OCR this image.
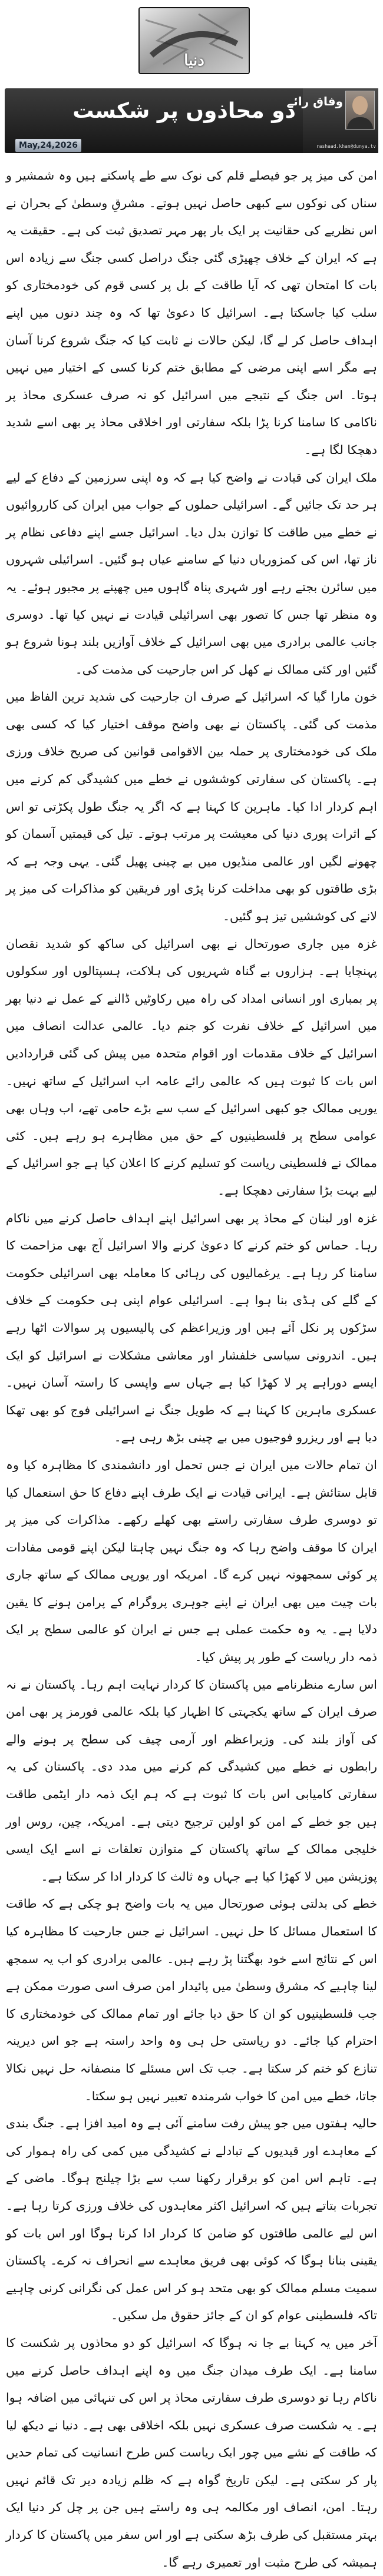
دنیا
دو محاذوں پر شکست
May,24,2026
وفاق رائے
rashaad.khan@dunya.tv

امن کی میز پر جو فیصلے قلم کی نوک سے طے پاسکتے ہیں وہ شمشیر و سناں کی نوکوں سے کبھی حاصل نہیں ہوتے۔ مشرقِ وسطیٰ کے بحران نے اس نظریے کی حقانیت پر ایک بار پھر مہر تصدیق ثبت کی ہے۔ حقیقت یہ ہے کہ ایران کے خلاف چھیڑی گئی جنگ دراصل کسی جنگ سے زیادہ اس بات کا امتحان تھی کہ آیا طاقت کے بل پر کسی قوم کی خودمختاری کو سلب کیا جاسکتا ہے۔ اسرائیل کا دعویٰ تھا کہ وہ چند دنوں میں اپنے اہداف حاصل کر لے گا، لیکن حالات نے ثابت کیا کہ جنگ شروع کرنا آسان ہے مگر اسے اپنی مرضی کے مطابق ختم کرنا کسی کے اختیار میں نہیں ہوتا۔ اس جنگ کے نتیجے میں اسرائیل کو نہ صرف عسکری محاذ پر ناکامی کا سامنا کرنا پڑا بلکہ سفارتی اور اخلاقی محاذ پر بھی اسے شدید دھچکا لگا ہے۔

ملک ایران کی قیادت نے واضح کیا ہے کہ وہ اپنی سرزمین کے دفاع کے لیے ہر حد تک جائیں گے۔ اسرائیلی حملوں کے جواب میں ایران کی کارروائیوں نے خطے میں طاقت کا توازن بدل دیا۔ اسرائیل جسے اپنے دفاعی نظام پر ناز تھا، اس کی کمزوریاں دنیا کے سامنے عیاں ہو گئیں۔ اسرائیلی شہروں میں سائرن بجتے رہے اور شہری پناہ گاہوں میں چھپنے پر مجبور ہوئے۔ یہ وہ منظر تھا جس کا تصور بھی اسرائیلی قیادت نے نہیں کیا تھا۔ دوسری جانب عالمی برادری میں بھی اسرائیل کے خلاف آوازیں بلند ہونا شروع ہو گئیں اور کئی ممالک نے کھل کر اس جارحیت کی مذمت کی۔

خون مارا گیا کہ اسرائیل کے صرف ان جارحیت کی شدید ترین الفاظ میں مذمت کی گئی۔ پاکستان نے بھی واضح موقف اختیار کیا کہ کسی بھی ملک کی خودمختاری پر حملہ بین الاقوامی قوانین کی صریح خلاف ورزی ہے۔ پاکستان کی سفارتی کوششوں نے خطے میں کشیدگی کم کرنے میں اہم کردار ادا کیا۔ ماہرین کا کہنا ہے کہ اگر یہ جنگ طول پکڑتی تو اس کے اثرات پوری دنیا کی معیشت پر مرتب ہوتے۔ تیل کی قیمتیں آسمان کو چھونے لگیں اور عالمی منڈیوں میں بے چینی پھیل گئی۔ یہی وجہ ہے کہ بڑی طاقتوں کو بھی مداخلت کرنا پڑی اور فریقین کو مذاکرات کی میز پر لانے کی کوششیں تیز ہو گئیں۔

غزہ میں جاری صورتحال نے بھی اسرائیل کی ساکھ کو شدید نقصان پہنچایا ہے۔ ہزاروں بے گناہ شہریوں کی ہلاکت، ہسپتالوں اور سکولوں پر بمباری اور انسانی امداد کی راہ میں رکاوٹیں ڈالنے کے عمل نے دنیا بھر میں اسرائیل کے خلاف نفرت کو جنم دیا۔ عالمی عدالت انصاف میں اسرائیل کے خلاف مقدمات اور اقوام متحدہ میں پیش کی گئی قراردادیں اس بات کا ثبوت ہیں کہ عالمی رائے عامہ اب اسرائیل کے ساتھ نہیں۔ یورپی ممالک جو کبھی اسرائیل کے سب سے بڑے حامی تھے، اب وہاں بھی عوامی سطح پر فلسطینیوں کے حق میں مظاہرے ہو رہے ہیں۔ کئی ممالک نے فلسطینی ریاست کو تسلیم کرنے کا اعلان کیا ہے جو اسرائیل کے لیے بہت بڑا سفارتی دھچکا ہے۔

غزہ اور لبنان کے محاذ پر بھی اسرائیل اپنے اہداف حاصل کرنے میں ناکام رہا۔ حماس کو ختم کرنے کا دعویٰ کرنے والا اسرائیل آج بھی مزاحمت کا سامنا کر رہا ہے۔ یرغمالیوں کی رہائی کا معاملہ بھی اسرائیلی حکومت کے گلے کی ہڈی بنا ہوا ہے۔ اسرائیلی عوام اپنی ہی حکومت کے خلاف سڑکوں پر نکل آئے ہیں اور وزیراعظم کی پالیسیوں پر سوالات اٹھا رہے ہیں۔ اندرونی سیاسی خلفشار اور معاشی مشکلات نے اسرائیل کو ایک ایسے دوراہے پر لا کھڑا کیا ہے جہاں سے واپسی کا راستہ آسان نہیں۔ عسکری ماہرین کا کہنا ہے کہ طویل جنگ نے اسرائیلی فوج کو بھی تھکا دیا ہے اور ریزرو فوجیوں میں بے چینی بڑھ رہی ہے۔

ان تمام حالات میں ایران نے جس تحمل اور دانشمندی کا مظاہرہ کیا وہ قابل ستائش ہے۔ ایرانی قیادت نے ایک طرف اپنے دفاع کا حق استعمال کیا تو دوسری طرف سفارتی راستے بھی کھلے رکھے۔ مذاکرات کی میز پر ایران کا موقف واضح رہا کہ وہ جنگ نہیں چاہتا لیکن اپنے قومی مفادات پر کوئی سمجھوتہ نہیں کرے گا۔ امریکہ اور یورپی ممالک کے ساتھ جاری بات چیت میں بھی ایران نے اپنے جوہری پروگرام کے پرامن ہونے کا یقین دلایا ہے۔ یہ وہ حکمت عملی ہے جس نے ایران کو عالمی سطح پر ایک ذمہ دار ریاست کے طور پر پیش کیا۔

اس سارے منظرنامے میں پاکستان کا کردار نہایت اہم رہا۔ پاکستان نے نہ صرف ایران کے ساتھ یکجہتی کا اظہار کیا بلکہ عالمی فورمز پر بھی امن کی آواز بلند کی۔ وزیراعظم اور آرمی چیف کی سطح پر ہونے والے رابطوں نے خطے میں کشیدگی کم کرنے میں مدد دی۔ پاکستان کی یہ سفارتی کامیابی اس بات کا ثبوت ہے کہ ہم ایک ذمہ دار ایٹمی طاقت ہیں جو خطے کے امن کو اولین ترجیح دیتی ہے۔ امریکہ، چین، روس اور خلیجی ممالک کے ساتھ پاکستان کے متوازن تعلقات نے اسے ایک ایسی پوزیشن میں لا کھڑا کیا ہے جہاں وہ ثالث کا کردار ادا کر سکتا ہے۔

خطے کی بدلتی ہوئی صورتحال میں یہ بات واضح ہو چکی ہے کہ طاقت کا استعمال مسائل کا حل نہیں۔ اسرائیل نے جس جارحیت کا مظاہرہ کیا اس کے نتائج اسے خود بھگتنا پڑ رہے ہیں۔ عالمی برادری کو اب یہ سمجھ لینا چاہیے کہ مشرق وسطیٰ میں پائیدار امن صرف اسی صورت ممکن ہے جب فلسطینیوں کو ان کا حق دیا جائے اور تمام ممالک کی خودمختاری کا احترام کیا جائے۔ دو ریاستی حل ہی وہ واحد راستہ ہے جو اس دیرینہ تنازع کو ختم کر سکتا ہے۔ جب تک اس مسئلے کا منصفانہ حل نہیں نکالا جاتا، خطے میں امن کا خواب شرمندہ تعبیر نہیں ہو سکتا۔

حالیہ ہفتوں میں جو پیش رفت سامنے آئی ہے وہ امید افزا ہے۔ جنگ بندی کے معاہدے اور قیدیوں کے تبادلے نے کشیدگی میں کمی کی راہ ہموار کی ہے۔ تاہم اس امن کو برقرار رکھنا سب سے بڑا چیلنج ہوگا۔ ماضی کے تجربات بتاتے ہیں کہ اسرائیل اکثر معاہدوں کی خلاف ورزی کرتا رہا ہے۔ اس لیے عالمی طاقتوں کو ضامن کا کردار ادا کرنا ہوگا اور اس بات کو یقینی بنانا ہوگا کہ کوئی بھی فریق معاہدے سے انحراف نہ کرے۔ پاکستان سمیت مسلم ممالک کو بھی متحد ہو کر اس عمل کی نگرانی کرنی چاہیے تاکہ فلسطینی عوام کو ان کے جائز حقوق مل سکیں۔

آخر میں یہ کہنا بے جا نہ ہوگا کہ اسرائیل کو دو محاذوں پر شکست کا سامنا ہے۔ ایک طرف میدان جنگ میں وہ اپنے اہداف حاصل کرنے میں ناکام رہا تو دوسری طرف سفارتی محاذ پر اس کی تنہائی میں اضافہ ہوا ہے۔ یہ شکست صرف عسکری نہیں بلکہ اخلاقی بھی ہے۔ دنیا نے دیکھ لیا کہ طاقت کے نشے میں چور ایک ریاست کس طرح انسانیت کی تمام حدیں پار کر سکتی ہے۔ لیکن تاریخ گواہ ہے کہ ظلم زیادہ دیر تک قائم نہیں رہتا۔ امن، انصاف اور مکالمہ ہی وہ راستے ہیں جن پر چل کر دنیا ایک بہتر مستقبل کی طرف بڑھ سکتی ہے اور اس سفر میں پاکستان کا کردار ہمیشہ کی طرح مثبت اور تعمیری رہے گا۔
